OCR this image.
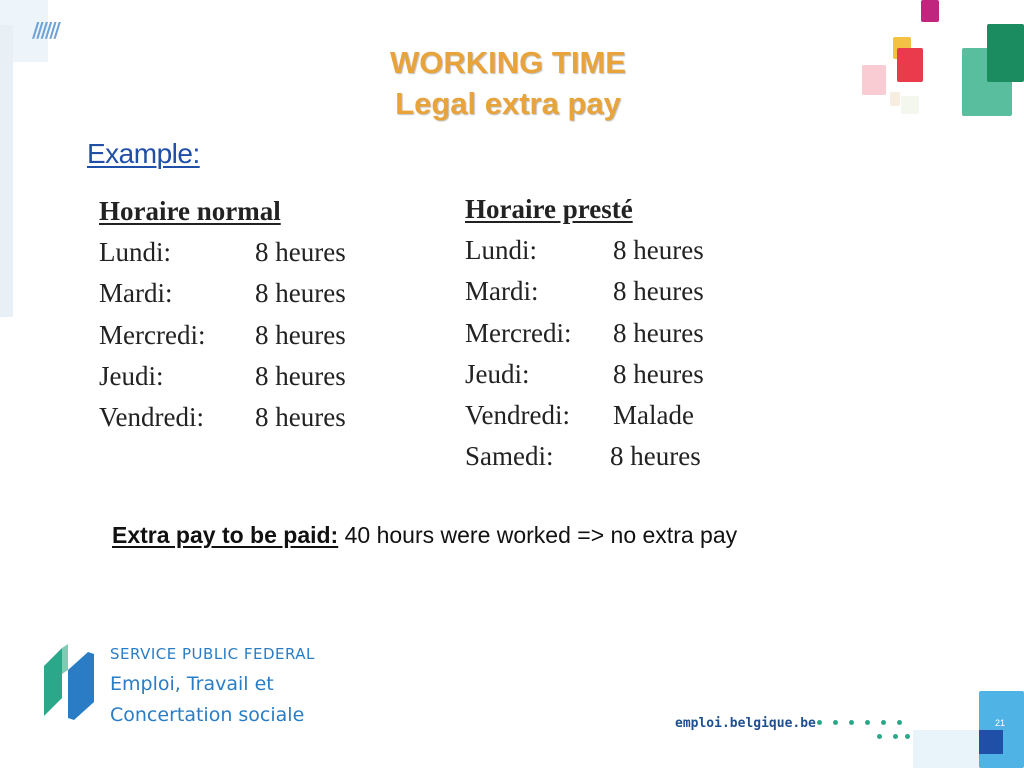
//////
WORKING TIME
Legal extra pay
Example:
Horaire normal
Lundi:	8 heures
Mardi:	8 heures
Mercredi: 8 heures
Jeudi:	8 heures
Vendredi: 8 heures
Horaire presté
Lundi:	8 heures
Mardi:	8 heures
Mercredi: 8 heures
Jeudi:	8 heures
Vendredi: Malade
Samedi: 8 heures
Extra pay to be paid: 40 hours were worked => no extra pay
SERVICE PUBLIC FEDERAL
Emploi, Travail et
Concertation sociale	emploi.belgique.be	21
